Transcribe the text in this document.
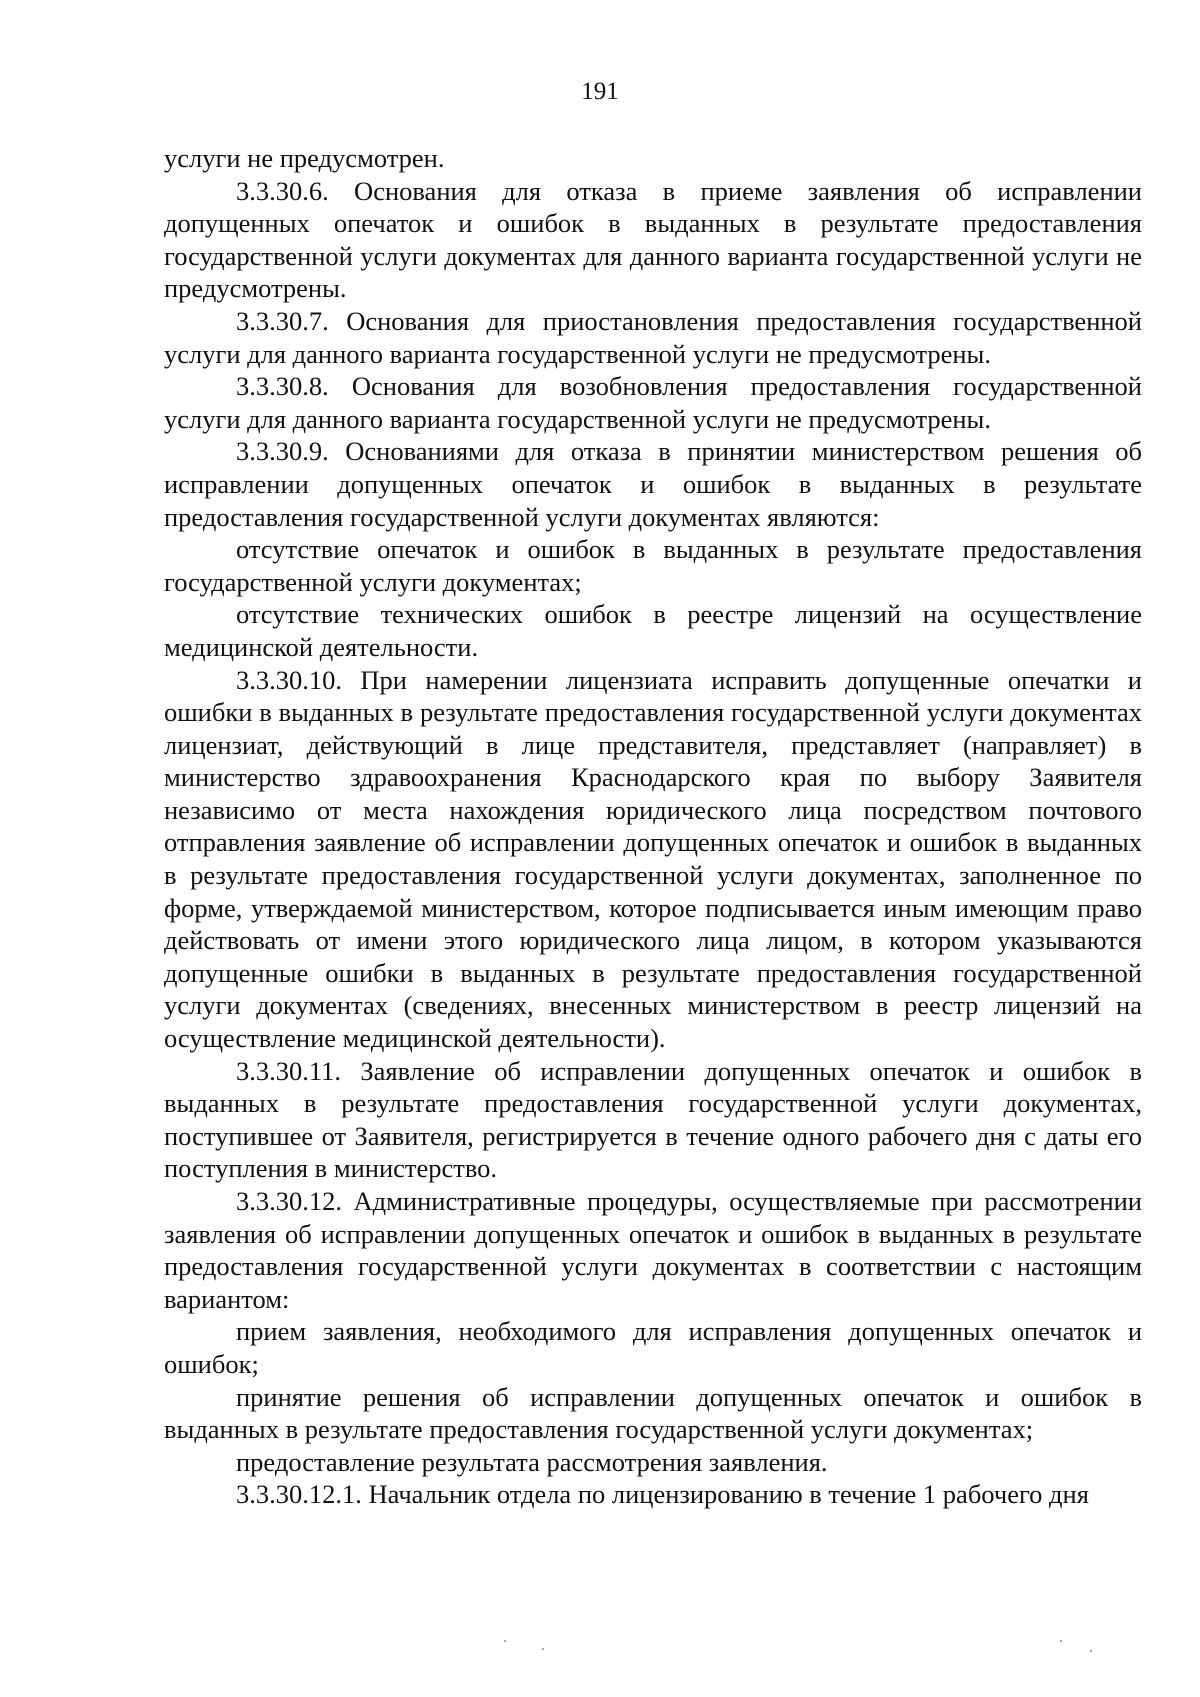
191

услуги не предусмотрен.

3.3.30.6. Основания для отказа в приеме заявления об исправлении допущенных опечаток и ошибок в выданных в результате предоставления государственной услуги документах для данного варианта государственной услуги не предусмотрены.

3.3.30.7. Основания для приостановления предоставления государственной услуги для данного варианта государственной услуги не предусмотрены.

3.3.30.8. Основания для возобновления предоставления государственной услуги для данного варианта государственной услуги не предусмотрены.

3.3.30.9. Основаниями для отказа в принятии министерством решения об исправлении допущенных опечаток и ошибок в выданных в результате предоставления государственной услуги документах являются:

отсутствие опечаток и ошибок в выданных в результате предоставления государственной услуги документах;

отсутствие технических ошибок в реестре лицензий на осуществление медицинской деятельности.

3.3.30.10. При намерении лицензиата исправить допущенные опечатки и ошибки в выданных в результате предоставления государственной услуги документах лицензиат, действующий в лице представителя, представляет (направляет) в министерство здравоохранения Краснодарского края по выбору Заявителя независимо от места нахождения юридического лица посредством почтового отправления заявление об исправлении допущенных опечаток и ошибок в выданных в результате предоставления государственной услуги документах, заполненное по форме, утверждаемой министерством, которое подписывается иным имеющим право действовать от имени этого юридического лица лицом, в котором указываются допущенные ошибки в выданных в результате предоставления государственной услуги документах (сведениях, внесенных министерством в реестр лицензий на осуществление медицинской деятельности).

3.3.30.11. Заявление об исправлении допущенных опечаток и ошибок в выданных в результате предоставления государственной услуги документах, поступившее от Заявителя, регистрируется в течение одного рабочего дня с даты его поступления в министерство.

3.3.30.12. Административные процедуры, осуществляемые при рассмотрении заявления об исправлении допущенных опечаток и ошибок в выданных в результате предоставления государственной услуги документах в соответствии с настоящим вариантом:

прием заявления, необходимого для исправления допущенных опечаток и ошибок;

принятие решения об исправлении допущенных опечаток и ошибок в выданных в результате предоставления государственной услуги документах;

предоставление результата рассмотрения заявления.

3.3.30.12.1. Начальник отдела по лицензированию в течение 1 рабочего дня
